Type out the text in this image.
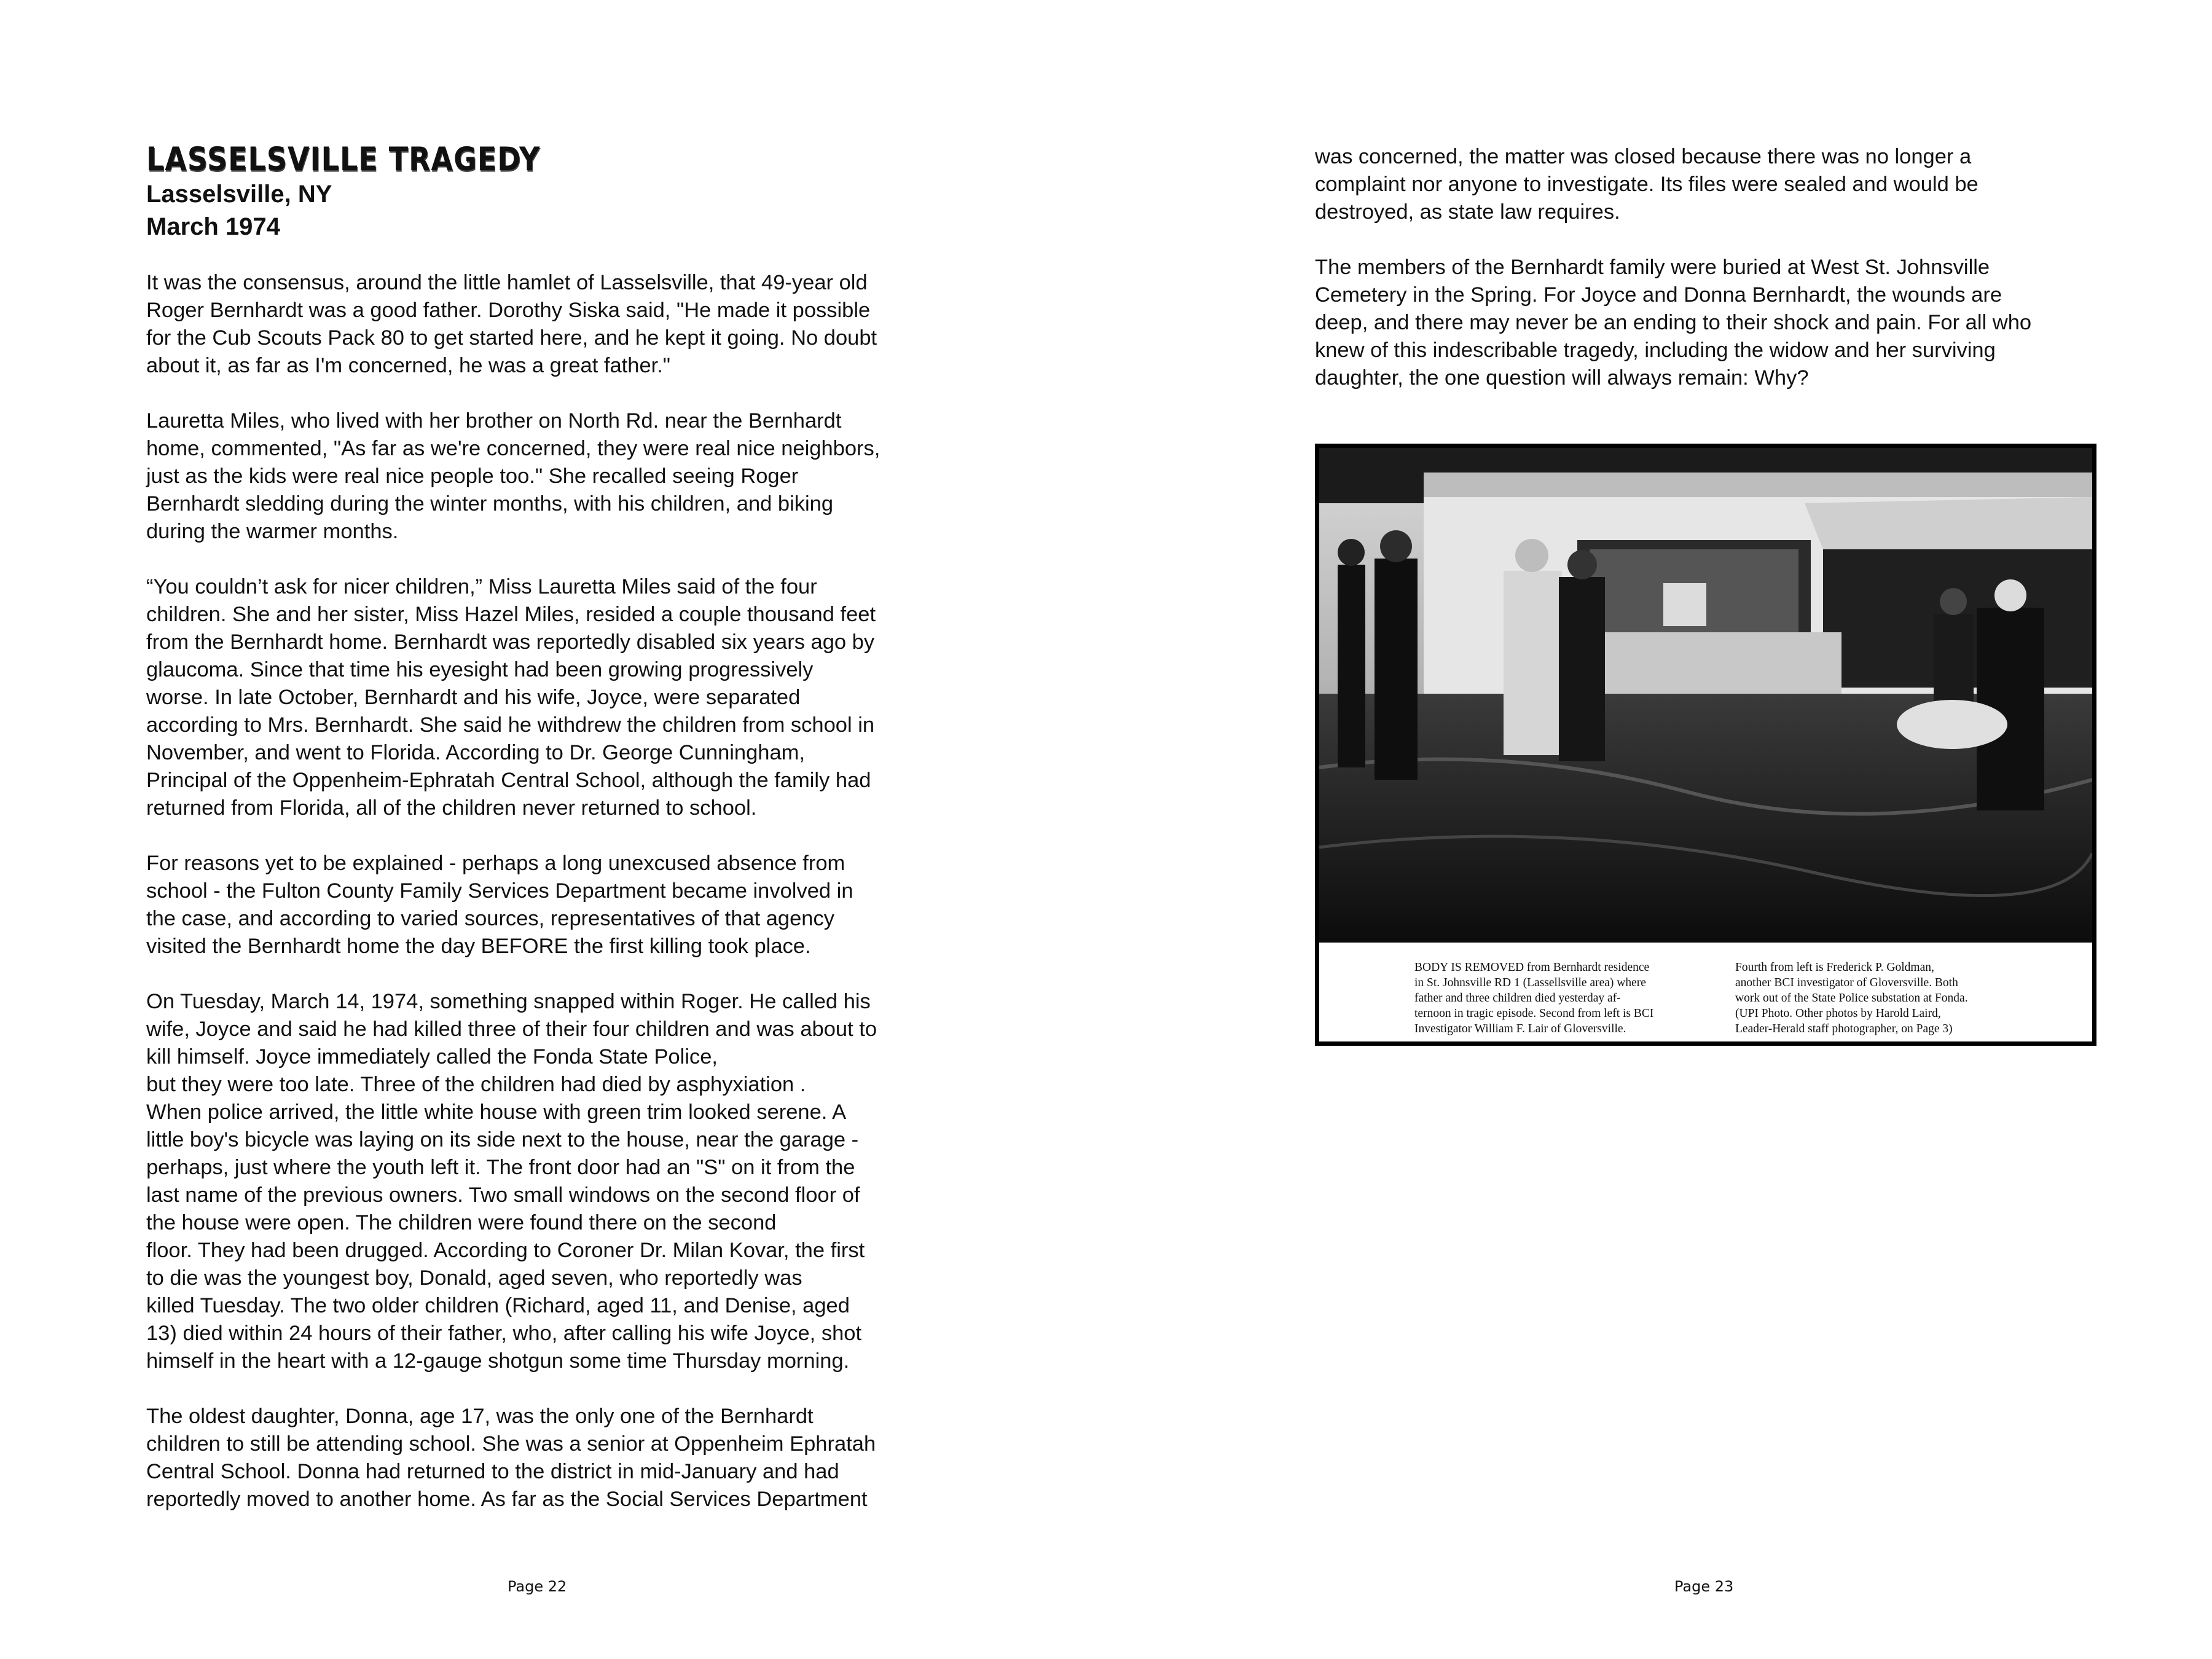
LASSELSVILLE TRAGEDY
Lasselsville, NY
March 1974

It was the consensus, around the little hamlet of Lasselsville, that 49-year old
Roger Bernhardt was a good father. Dorothy Siska said, "He made it possible
for the Cub Scouts Pack 80 to get started here, and he kept it going. No doubt
about it, as far as I'm concerned, he was a great father."

Lauretta Miles, who lived with her brother on North Rd. near the Bernhardt
home, commented, "As far as we're concerned, they were real nice neighbors,
just as the kids were real nice people too." She recalled seeing Roger
Bernhardt sledding during the winter months, with his children, and biking
during the warmer months.

“You couldn’t ask for nicer children,” Miss Lauretta Miles said of the four
children. She and her sister, Miss Hazel Miles, resided a couple thousand feet
from the Bernhardt home. Bernhardt was reportedly disabled six years ago by
glaucoma. Since that time his eyesight had been growing progressively
worse. In late October, Bernhardt and his wife, Joyce, were separated
according to Mrs. Bernhardt. She said he withdrew the children from school in
November, and went to Florida. According to Dr. George Cunningham,
Principal of the Oppenheim-Ephratah Central School, although the family had
returned from Florida, all of the children never returned to school.

For reasons yet to be explained - perhaps a long unexcused absence from
school - the Fulton County Family Services Department became involved in
the case, and according to varied sources, representatives of that agency
visited the Bernhardt home the day BEFORE the first killing took place.

On Tuesday, March 14, 1974, something snapped within Roger. He called his
wife, Joyce and said he had killed three of their four children and was about to
kill himself. Joyce immediately called the Fonda State Police,
but they were too late. Three of the children had died by asphyxiation .
When police arrived, the little white house with green trim looked serene. A
little boy's bicycle was laying on its side next to the house, near the garage -
perhaps, just where the youth left it. The front door had an "S" on it from the
last name of the previous owners. Two small windows on the second floor of
the house were open. The children were found there on the second
floor. They had been drugged. According to Coroner Dr. Milan Kovar, the first
to die was the youngest boy, Donald, aged seven, who reportedly was
killed Tuesday. The two older children (Richard, aged 11, and Denise, aged
13) died within 24 hours of their father, who, after calling his wife Joyce, shot
himself in the heart with a 12-gauge shotgun some time Thursday morning.

The oldest daughter, Donna, age 17, was the only one of the Bernhardt
children to still be attending school. She was a senior at Oppenheim Ephratah
Central School. Donna had returned to the district in mid-January and had
reportedly moved to another home. As far as the Social Services Department

Page 22	Page 23

was concerned, the matter was closed because there was no longer a
complaint nor anyone to investigate. Its files were sealed and would be
destroyed, as state law requires.

The members of the Bernhardt family were buried at West St. Johnsville
Cemetery in the Spring. For Joyce and Donna Bernhardt, the wounds are
deep, and there may never be an ending to their shock and pain. For all who
knew of this indescribable tragedy, including the widow and her surviving
daughter, the one question will always remain: Why?

BODY IS REMOVED from Bernhardt residence
in St. Johnsville RD 1 (Lassellsville area) where
father and three children died yesterday af-
ternoon in tragic episode. Second from left is BCI
Investigator William F. Lair of Gloversville.
Fourth from left is Frederick P. Goldman,
another BCI investigator of Gloversville. Both
work out of the State Police substation at Fonda.
(UPI Photo. Other photos by Harold Laird,
Leader-Herald staff photographer, on Page 3)
